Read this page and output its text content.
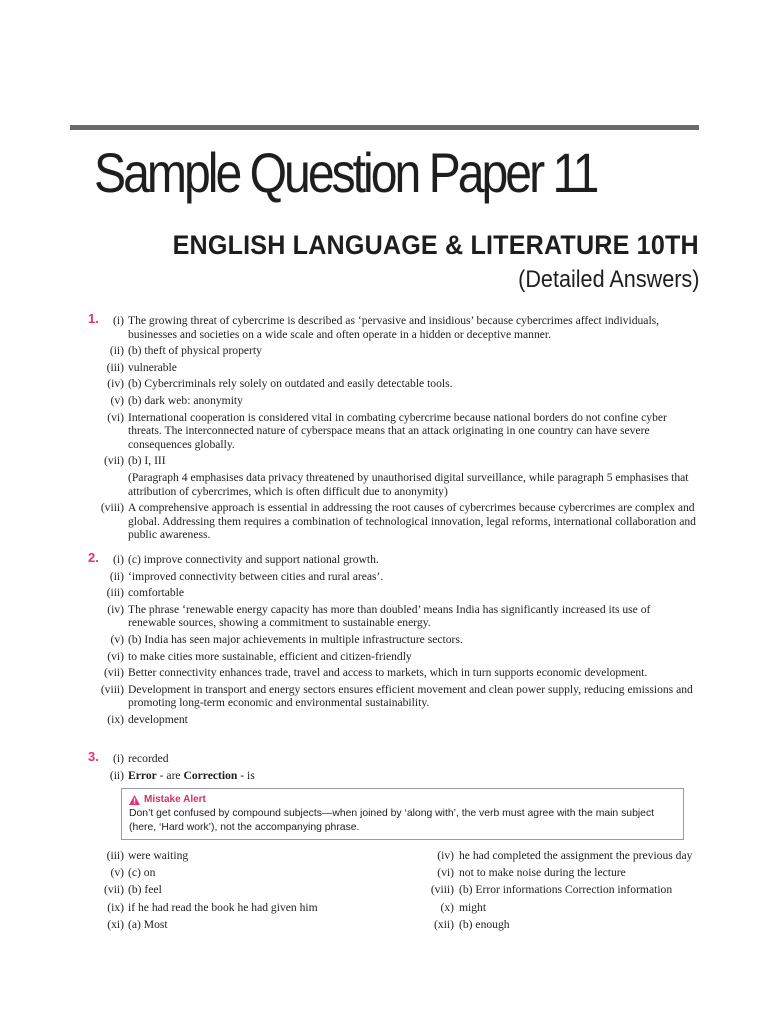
Sample Question Paper 11
ENGLISH LANGUAGE & LITERATURE 10TH
(Detailed Answers)
1. (i) The growing threat of cybercrime is described as ‘pervasive and insidious’ because cybercrimes affect individuals, businesses and societies on a wide scale and often operate in a hidden or deceptive manner.

(ii) (b) theft of physical property

(iii) vulnerable

(iv) (b) Cybercriminals rely solely on outdated and easily detectable tools.

(v) (b) dark web: anonymity

(vi) International cooperation is considered vital in combating cybercrime because national borders do not confine cyber threats. The interconnected nature of cyberspace means that an attack originating in one country can have severe consequences globally.

(vii) (b) I, III

(Paragraph 4 emphasises data privacy threatened by unauthorised digital surveillance, while paragraph 5 emphasises that attribution of cybercrimes, which is often difficult due to anonymity)

(viii) A comprehensive approach is essential in addressing the root causes of cybercrimes because cybercrimes are complex and global. Addressing them requires a combination of technological innovation, legal reforms, international collaboration and public awareness.

2. (i) (c) improve connectivity and support national growth.

(ii) ‘improved connectivity between cities and rural areas’.

(iii) comfortable

(iv) The phrase ‘renewable energy capacity has more than doubled’ means India has significantly increased its use of renewable sources, showing a commitment to sustainable energy.

(v) (b) India has seen major achievements in multiple infrastructure sectors.

(vi) to make cities more sustainable, efficient and citizen-friendly

(vii) Better connectivity enhances trade, travel and access to markets, which in turn supports economic development.

(viii) Development in transport and energy sectors ensures efficient movement and clean power supply, reducing emissions and promoting long-term economic and environmental sustainability.

(ix) development

3. (i) recorded

(ii) Error - are Correction - is

Mistake Alert
Don’t get confused by compound subjects—when joined by ‘along with’, the verb must agree with the main subject (here, ‘Hard work’), not the accompanying phrase.
(iii) were waiting	(iv) he had completed the assignment the previous day
(v) (c) on	(vi) not to make noise during the lecture
(vii) (b) feel	(viii) (b) Error informations Correction information
(ix) if he had read the book he had given him	(x) might
(xi) (a) Most	(xii) (b) enough
